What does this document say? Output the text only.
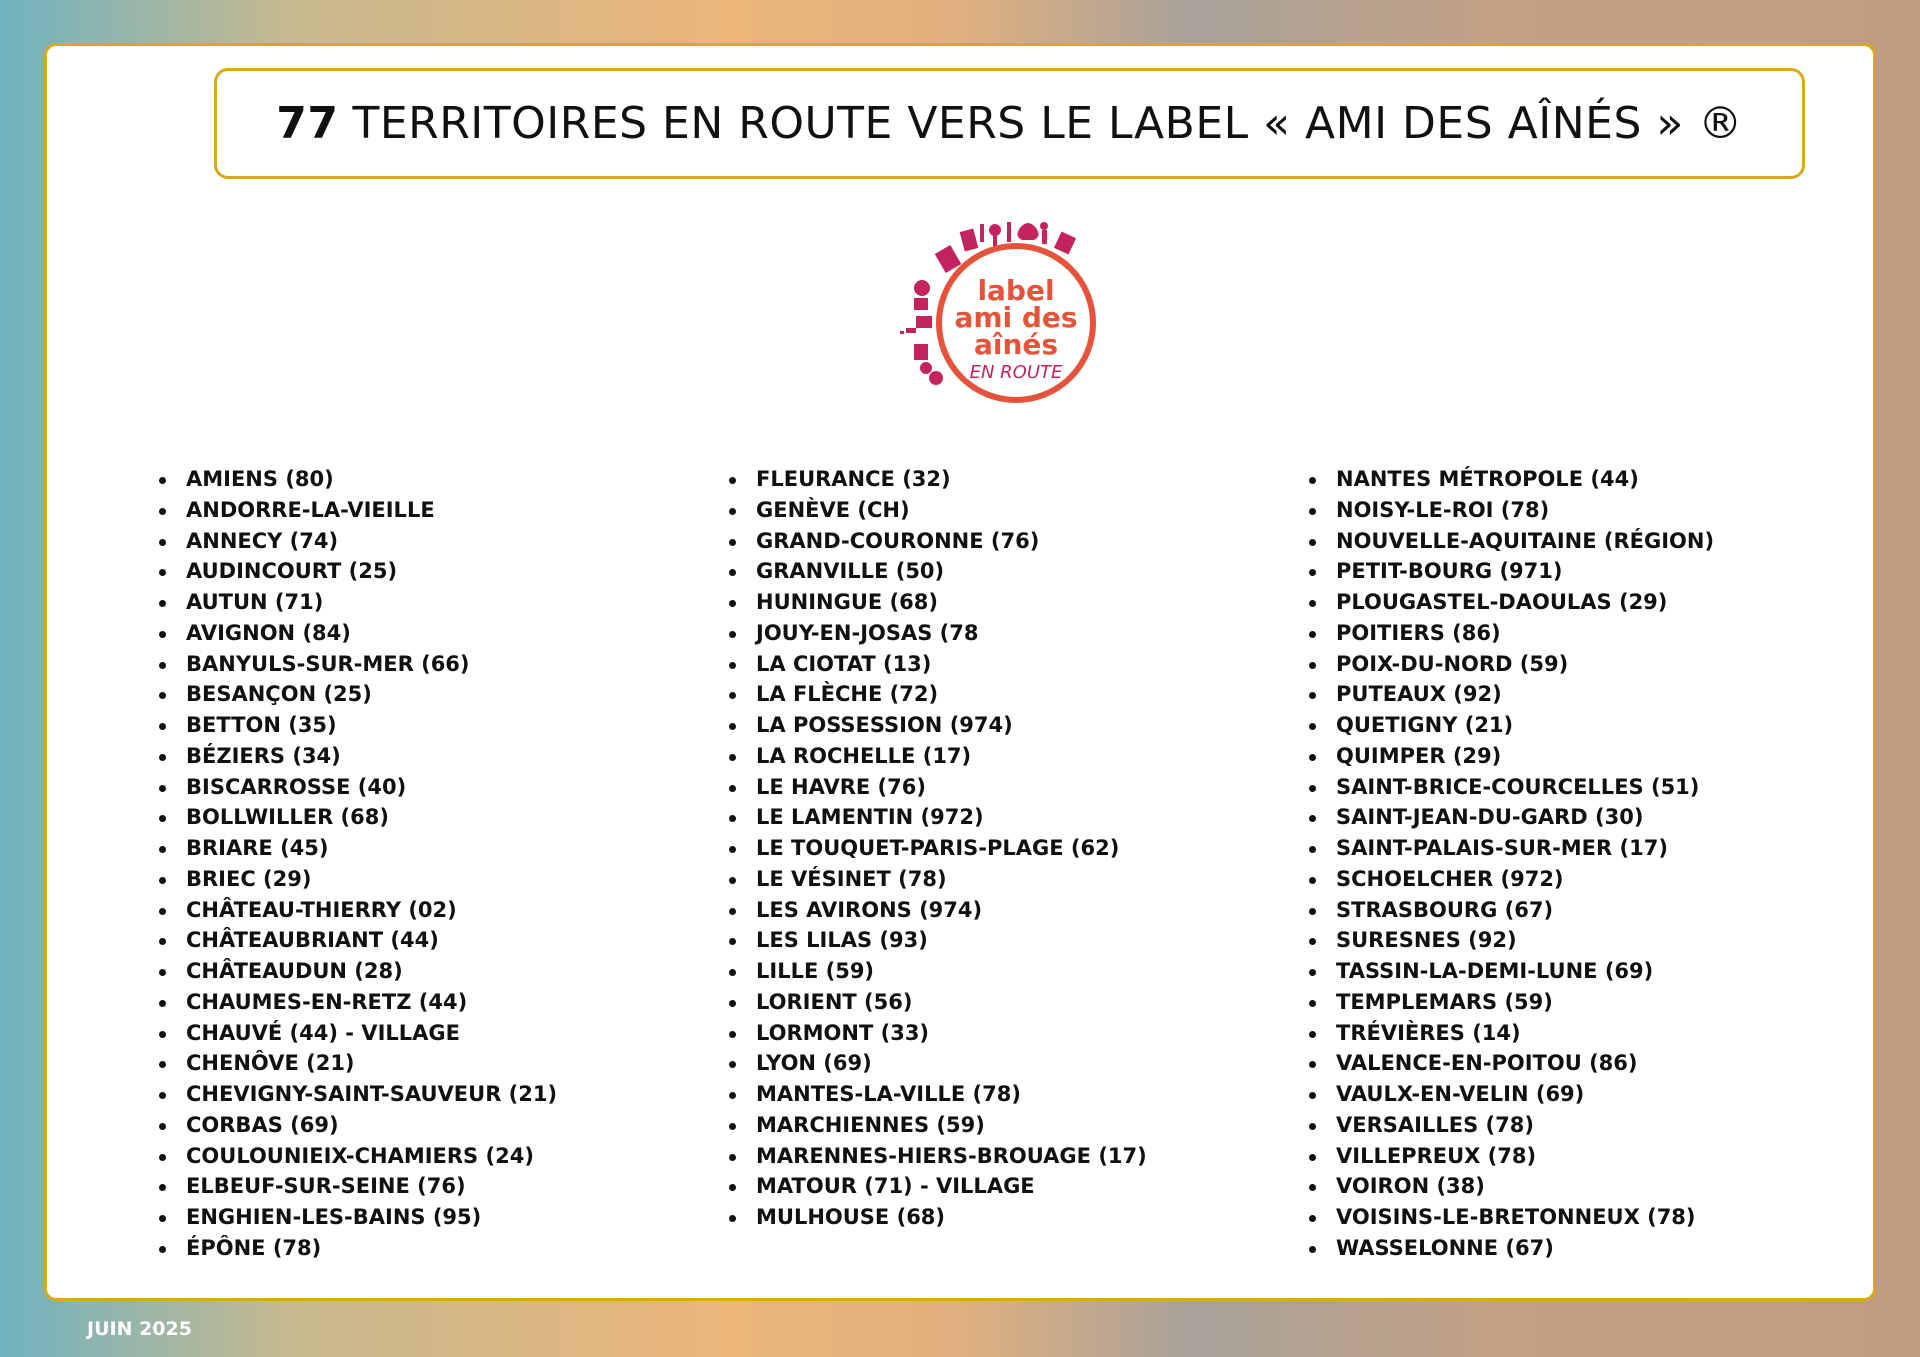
77 TERRITOIRES EN ROUTE VERS LE LABEL « AMI DES AÎNÉS » ®
label
ami des
aînés
EN ROUTE
AMIENS (80)
ANDORRE-LA-VIEILLE
ANNECY (74)
AUDINCOURT (25)
AUTUN (71)
AVIGNON (84)
BANYULS-SUR-MER (66)
BESANÇON (25)
BETTON (35)
BÉZIERS (34)
BISCARROSSE (40)
BOLLWILLER (68)
BRIARE (45)
BRIEC (29)
CHÂTEAU-THIERRY (02)
CHÂTEAUBRIANT (44)
CHÂTEAUDUN (28)
CHAUMES-EN-RETZ (44)
CHAUVÉ (44) - VILLAGE
CHENÔVE (21)
CHEVIGNY-SAINT-SAUVEUR (21)
CORBAS (69)
COULOUNIEIX-CHAMIERS (24)
ELBEUF-SUR-SEINE (76)
ENGHIEN-LES-BAINS (95)
ÉPÔNE (78)
FLEURANCE (32)
GENÈVE (CH)
GRAND-COURONNE (76)
GRANVILLE (50)
HUNINGUE (68)
JOUY-EN-JOSAS (78
LA CIOTAT (13)
LA FLÈCHE (72)
LA POSSESSION (974)
LA ROCHELLE (17)
LE HAVRE (76)
LE LAMENTIN (972)
LE TOUQUET-PARIS-PLAGE (62)
LE VÉSINET (78)
LES AVIRONS (974)
LES LILAS (93)
LILLE (59)
LORIENT (56)
LORMONT (33)
LYON (69)
MANTES-LA-VILLE (78)
MARCHIENNES (59)
MARENNES-HIERS-BROUAGE (17)
MATOUR (71) - VILLAGE
MULHOUSE (68)
NANTES MÉTROPOLE (44)
NOISY-LE-ROI (78)
NOUVELLE-AQUITAINE (RÉGION)
PETIT-BOURG (971)
PLOUGASTEL-DAOULAS (29)
POITIERS (86)
POIX-DU-NORD (59)
PUTEAUX (92)
QUETIGNY (21)
QUIMPER (29)
SAINT-BRICE-COURCELLES (51)
SAINT-JEAN-DU-GARD (30)
SAINT-PALAIS-SUR-MER (17)
SCHOELCHER (972)
STRASBOURG (67)
SURESNES (92)
TASSIN-LA-DEMI-LUNE (69)
TEMPLEMARS (59)
TRÉVIÈRES (14)
VALENCE-EN-POITOU (86)
VAULX-EN-VELIN (69)
VERSAILLES (78)
VILLEPREUX (78)
VOIRON (38)
VOISINS-LE-BRETONNEUX (78)
WASSELONNE (67)
JUIN 2025
